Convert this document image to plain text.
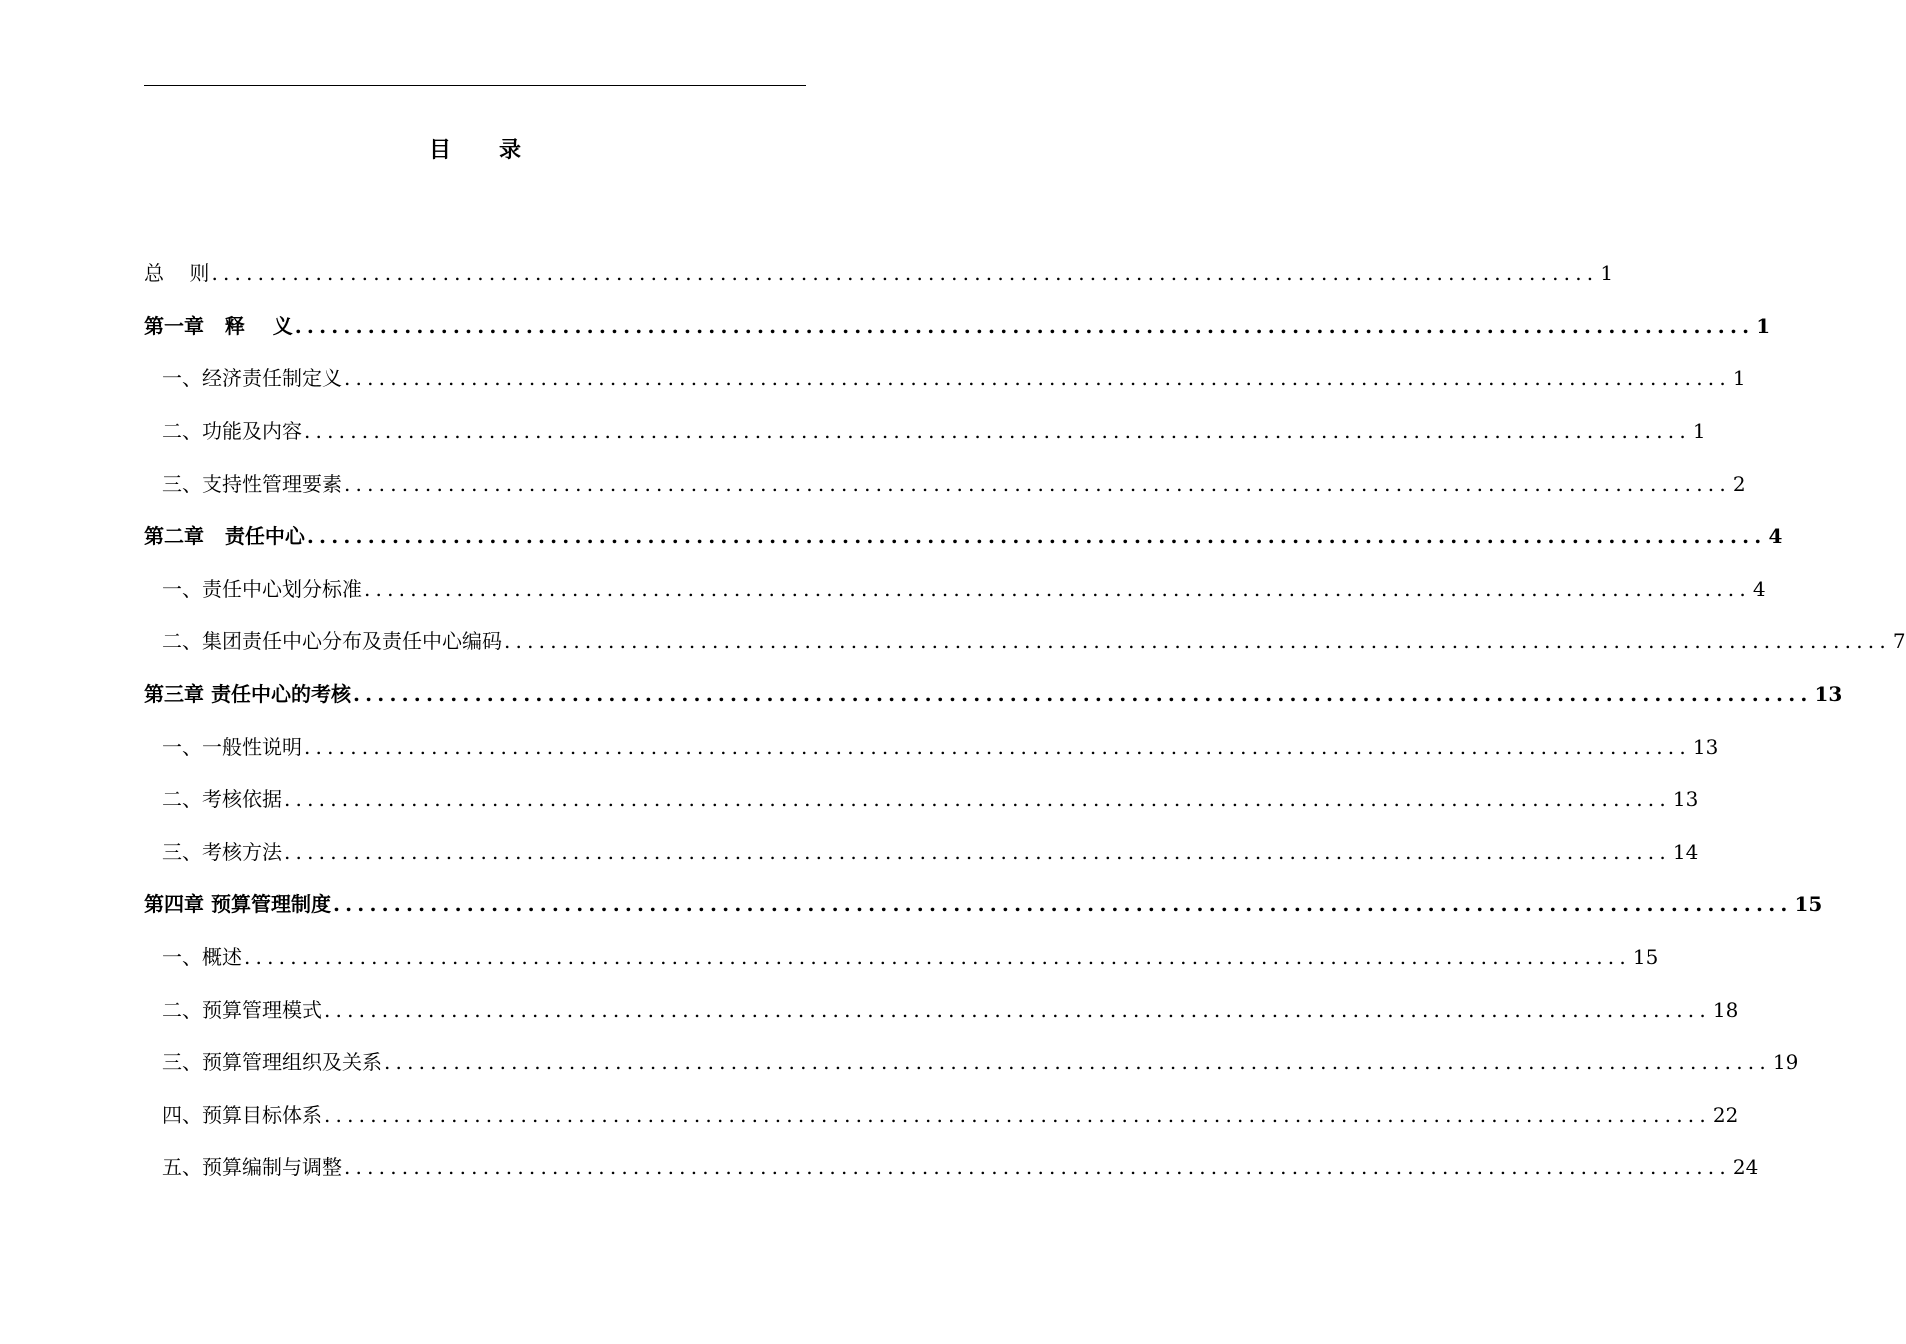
目录
总    则 ........................................................................................................................ 1
第一章   释    义 ........................................................................................................................ 1
一、经济责任制定义 ........................................................................................................................ 1
二、功能及内容 ........................................................................................................................ 1
三、支持性管理要素 ........................................................................................................................ 2
第二章   责任中心 ........................................................................................................................ 4
一、责任中心划分标准 ........................................................................................................................ 4
二、集团责任中心分布及责任中心编码 ........................................................................................................................ 7
第三章 责任中心的考核 ........................................................................................................................ 13
一、一般性说明 ........................................................................................................................ 13
二、考核依据 ........................................................................................................................ 13
三、考核方法 ........................................................................................................................ 14
第四章 预算管理制度 ........................................................................................................................ 15
一、概述 ........................................................................................................................ 15
二、预算管理模式 ........................................................................................................................ 18
三、预算管理组织及关系 ........................................................................................................................ 19
四、预算目标体系 ........................................................................................................................ 22
五、预算编制与调整 ........................................................................................................................ 24
